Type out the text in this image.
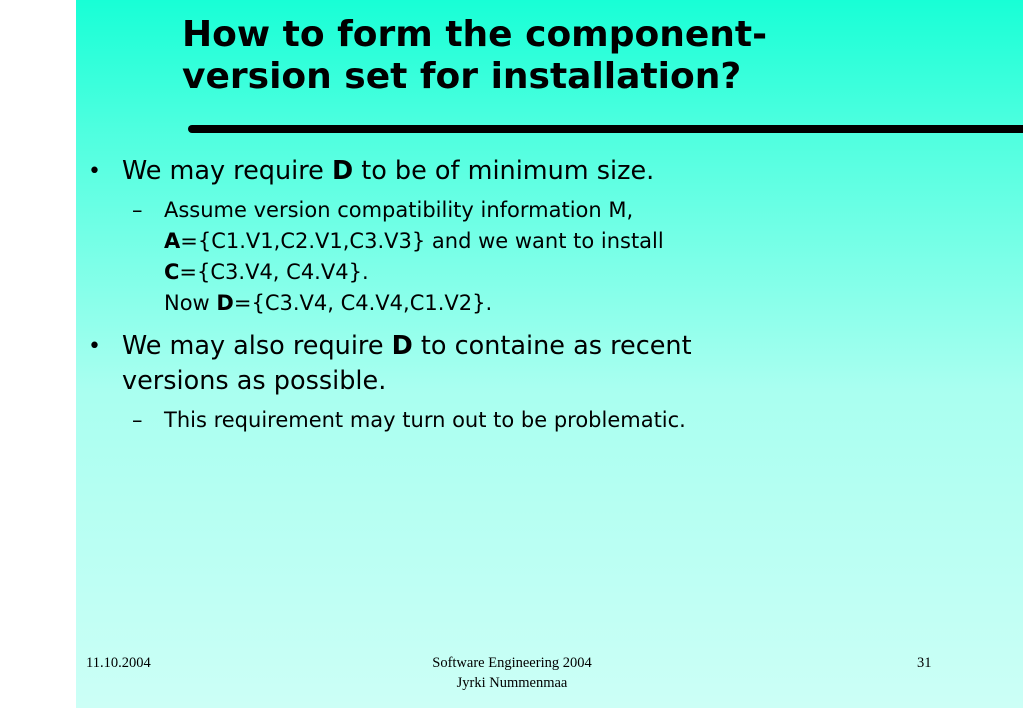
How to form the component-
version set for installation?
• We may require D to be of minimum size.
– Assume version compatibility information M,
A={C1.V1,C2.V1,C3.V3} and we want to install
C={C3.V4, C4.V4}.
Now D={C3.V4, C4.V4,C1.V2}.
• We may also require D to containe as recent
versions as possible.
– This requirement may turn out to be problematic.
11.10.2004	Software Engineering 2004
Jyrki Nummenmaa
31
